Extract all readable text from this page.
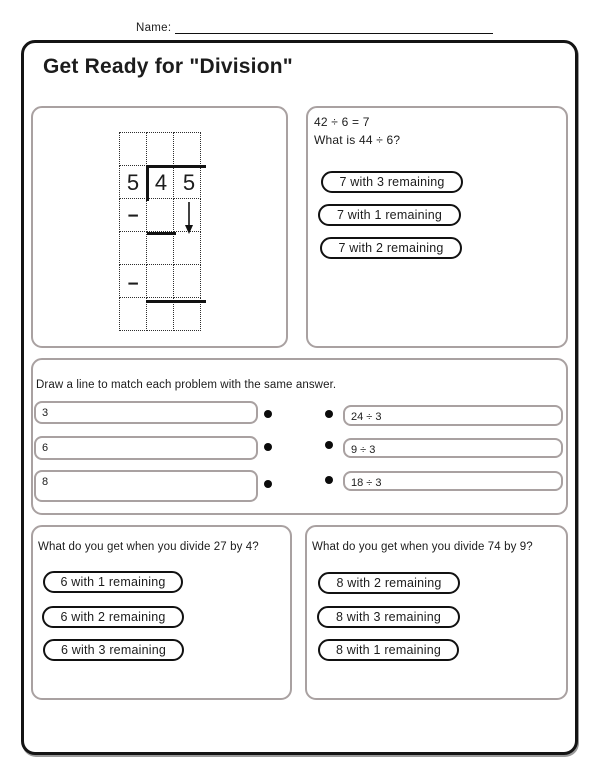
Name:
Get Ready for "Division"
5 4 5
−
−
42 ÷ 6 = 7
What is 44 ÷ 6?
7 with 3 remaining
7 with 1 remaining
7 with 2 remaining
Draw a line to match each problem with the same answer.
3
6
8
24 ÷ 3
9 ÷ 3
18 ÷ 3
What do you get when you divide 27 by 4?
6 with 1 remaining
6 with 2 remaining
6 with 3 remaining
What do you get when you divide 74 by 9?
8 with 2 remaining
8 with 3 remaining
8 with 1 remaining
